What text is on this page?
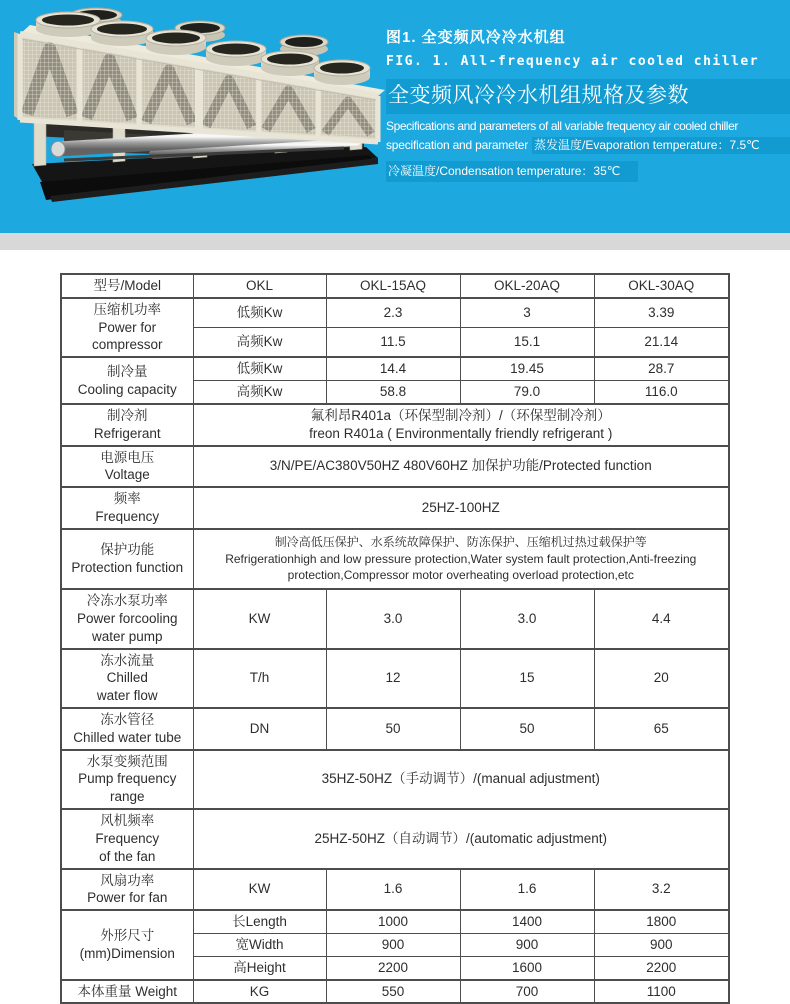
图1. 全变频风冷冷水机组
FIG. 1. All-frequency air cooled chiller
全变频风冷冷水机组规格及参数
Specifications and parameters of all variable frequency air cooled chiller
specification and parameter 蒸发温度/Evaporation temperature：7.5℃
冷凝温度/Condensation temperature：35℃
型号/Model	OKL	OKL-15AQ	OKL-20AQ	OKL-30AQ
压缩机功率
Power for compressor	低频Kw	2.3	3	3.39
	高频Kw	11.5	15.1	21.14
制冷量
Cooling capacity	低频Kw	14.4	19.45	28.7
	高频Kw	58.8	79.0	116.0
制冷剂
Refrigerant	氟利昂R401a（环保型制冷剂）/（环保型制冷剂）
freon R401a ( Environmentally friendly refrigerant )			
电源电压
Voltage	3/N/PE/AC380V50HZ 480V60HZ 加保护功能/Protected function			
频率
Frequency	25HZ-100HZ			
保护功能
Protection function	制冷高低压保护、水系统故障保护、防冻保护、压缩机过热过载保护等
Refrigerationhigh and low pressure protection,Water system fault protection,Anti-freezing
protection,Compressor motor overheating overload protection,etc			
冷冻水泵功率
Power forcooling
water pump	KW	3.0	3.0	4.4
冻水流量
Chilled
water flow	T/h	12	15	20
冻水管径
Chilled water tube	DN	50	50	65
水泵变频范围
Pump frequency
range	35HZ-50HZ（手动调节）/(manual adjustment)			
风机频率
Frequency
of the fan	25HZ-50HZ（自动调节）/(automatic adjustment)			
风扇功率
Power for fan	KW	1.6	1.6	3.2
外形尺寸
(mm)Dimension	长Length	1000	1400	1800
	宽Width	900	900	900
	高Height	2200	1600	2200
本体重量 Weight	KG	550	700	1100
